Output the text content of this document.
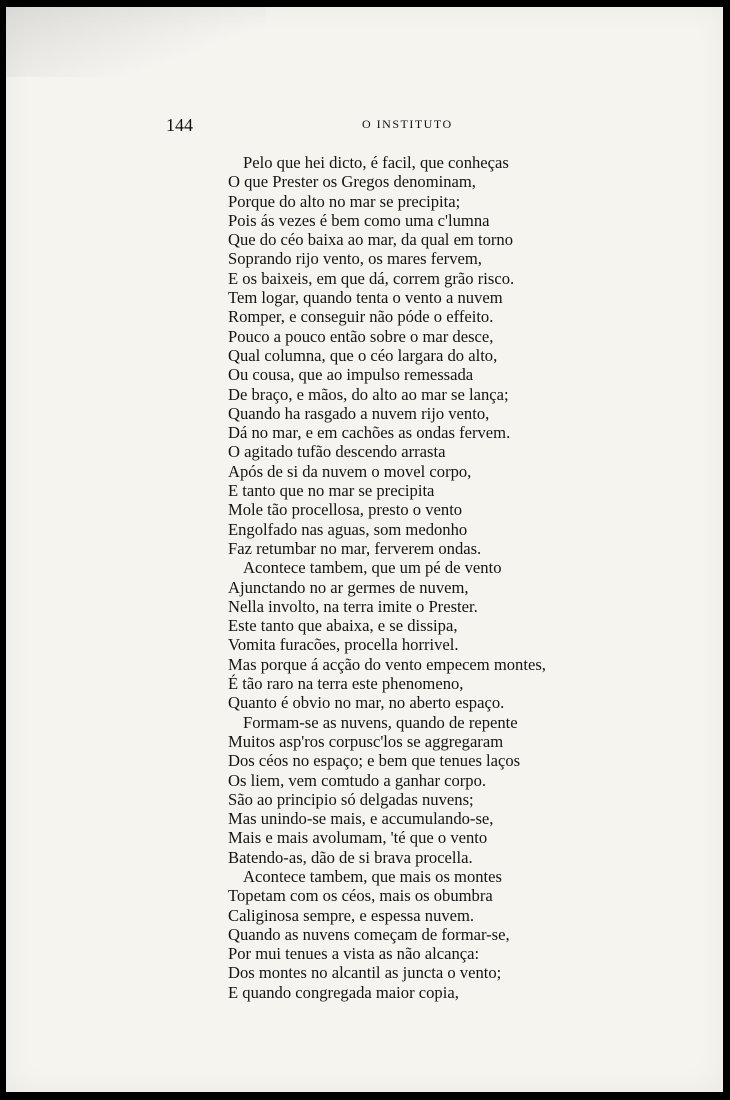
144	O INSTITUTO
Pelo que hei dicto, é facil, que conheças
O que Prester os Gregos denominam,
Porque do alto no mar se precipita;
Pois ás vezes é bem como uma c'lumna
Que do céo baixa ao mar, da qual em torno
Soprando rijo vento, os mares fervem,
E os baixeis, em que dá, correm grão risco.
Tem logar, quando tenta o vento a nuvem
Romper, e conseguir não póde o effeito.
Pouco a pouco então sobre o mar desce,
Qual columna, que o céo largara do alto,
Ou cousa, que ao impulso remessada
De braço, e mãos, do alto ao mar se lança;
Quando ha rasgado a nuvem rijo vento,
Dá no mar, e em cachões as ondas fervem.
O agitado tufão descendo arrasta
Após de si da nuvem o movel corpo,
E tanto que no mar se precipita
Mole tão procellosa, presto o vento
Engolfado nas aguas, som medonho
Faz retumbar no mar, ferverem ondas.
Acontece tambem, que um pé de vento
Ajunctando no ar germes de nuvem,
Nella involto, na terra imite o Prester.
Este tanto que abaixa, e se dissipa,
Vomita furacões, procella horrivel.
Mas porque á acção do vento empecem montes,
É tão raro na terra este phenomeno,
Quanto é obvio no mar, no aberto espaço.
Formam-se as nuvens, quando de repente
Muitos asp'ros corpusc'los se aggregaram
Dos céos no espaço; e bem que tenues laços
Os liem, vem comtudo a ganhar corpo.
São ao principio só delgadas nuvens;
Mas unindo-se mais, e accumulando-se,
Mais e mais avolumam, 'té que o vento
Batendo-as, dão de si brava procella.
Acontece tambem, que mais os montes
Topetam com os céos, mais os obumbra
Caliginosa sempre, e espessa nuvem.
Quando as nuvens começam de formar-se,
Por mui tenues a vista as não alcança:
Dos montes no alcantil as juncta o vento;
E quando congregada maior copia,
